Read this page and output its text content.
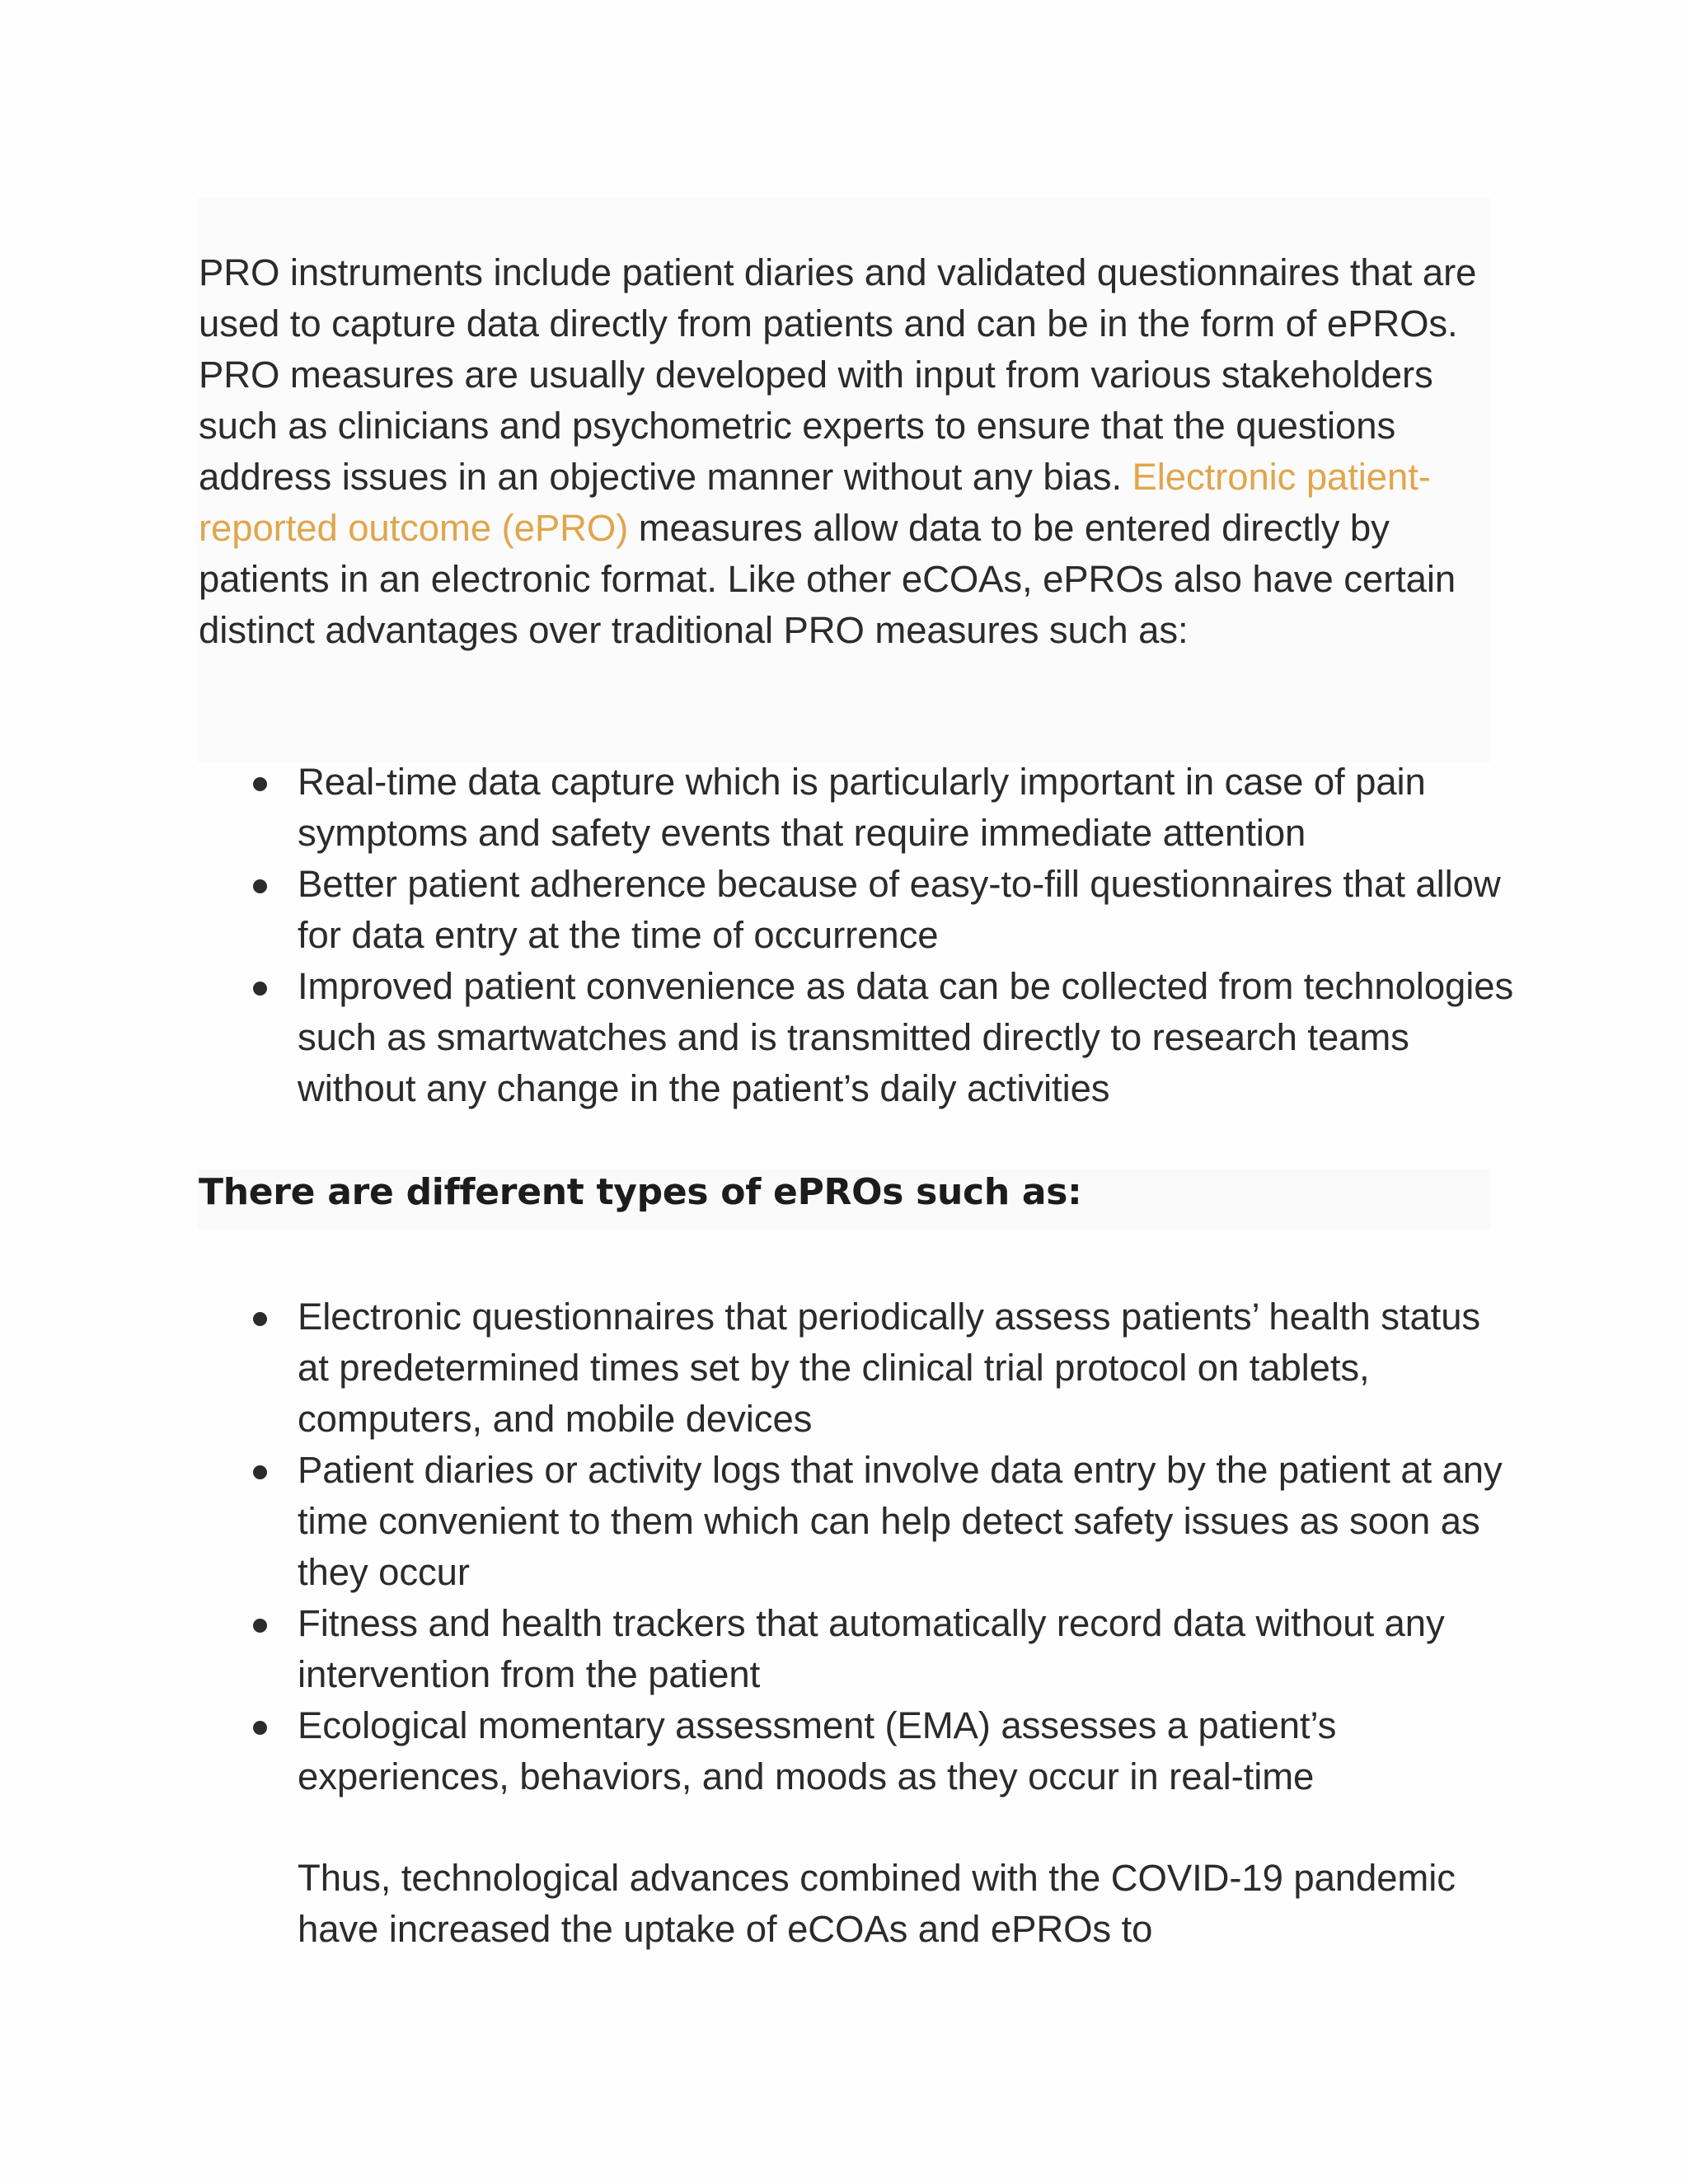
PRO instruments include patient diaries and validated questionnaires that are used to capture data directly from patients and can be in the form of ePROs. PRO measures are usually developed with input from various stakeholders such as clinicians and psychometric experts to ensure that the questions address issues in an objective manner without any bias. Electronic patient-reported outcome (ePRO) measures allow data to be entered directly by patients in an electronic format. Like other eCOAs, ePROs also have certain distinct advantages over traditional PRO measures such as:

Real-time data capture which is particularly important in case of pain symptoms and safety events that require immediate attention
Better patient adherence because of easy-to-fill questionnaires that allow for data entry at the time of occurrence
Improved patient convenience as data can be collected from technologies such as smartwatches and is transmitted directly to research teams without any change in the patient’s daily activities
There are different types of ePROs such as:
Electronic questionnaires that periodically assess patients’ health status at predetermined times set by the clinical trial protocol on tablets, computers, and mobile devices
Patient diaries or activity logs that involve data entry by the patient at any time convenient to them which can help detect safety issues as soon as they occur
Fitness and health trackers that automatically record data without any intervention from the patient
Ecological momentary assessment (EMA) assesses a patient’s experiences, behaviors, and moods as they occur in real-time

Thus, technological advances combined with the COVID-19 pandemic have increased the uptake of eCOAs and ePROs to
